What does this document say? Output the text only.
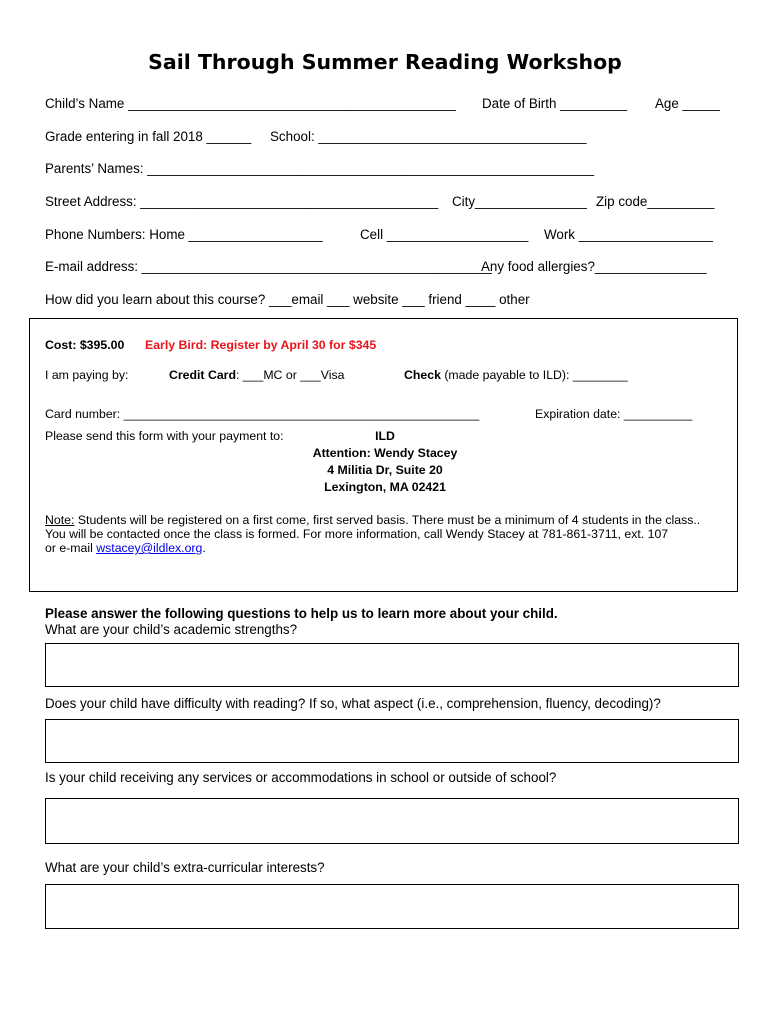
Sail Through Summer Reading Workshop
Child’s Name ____________________________________________ Date of Birth _________ Age _____
Grade entering in fall 2018 ______ School: ____________________________________
Parents’ Names: ____________________________________________________________
Street Address: ________________________________________ City_______________ Zip code_________
Phone Numbers: Home __________________	Cell ___________________ Work __________________
E-mail address: _______________________________________________
Any food allergies?_______________
How did you learn about this course? ___email ___ website ___ friend ____ other
Cost: $395.00 Early Bird: Register by April 30 for $345
I am paying by:	Credit Card: ___MC or ___Visa	Check (made payable to ILD): ________
Card number: ____________________________________________________	Expiration date: __________
Please send this form with your payment to:	ILD
Attention: Wendy Stacey
4 Militia Dr, Suite 20
Lexington, MA 02421
Note: Students will be registered on a first come, first served basis. There must be a minimum of 4 students in the class..
You will be contacted once the class is formed. For more information, call Wendy Stacey at 781-861-3711, ext. 107
or e-mail wstacey@ildlex.org.
Please answer the following questions to help us to learn more about your child.
What are your child’s academic strengths?
Does your child have difficulty with reading? If so, what aspect (i.e., comprehension, fluency, decoding)?
Is your child receiving any services or accommodations in school or outside of school?
What are your child’s extra-curricular interests?
